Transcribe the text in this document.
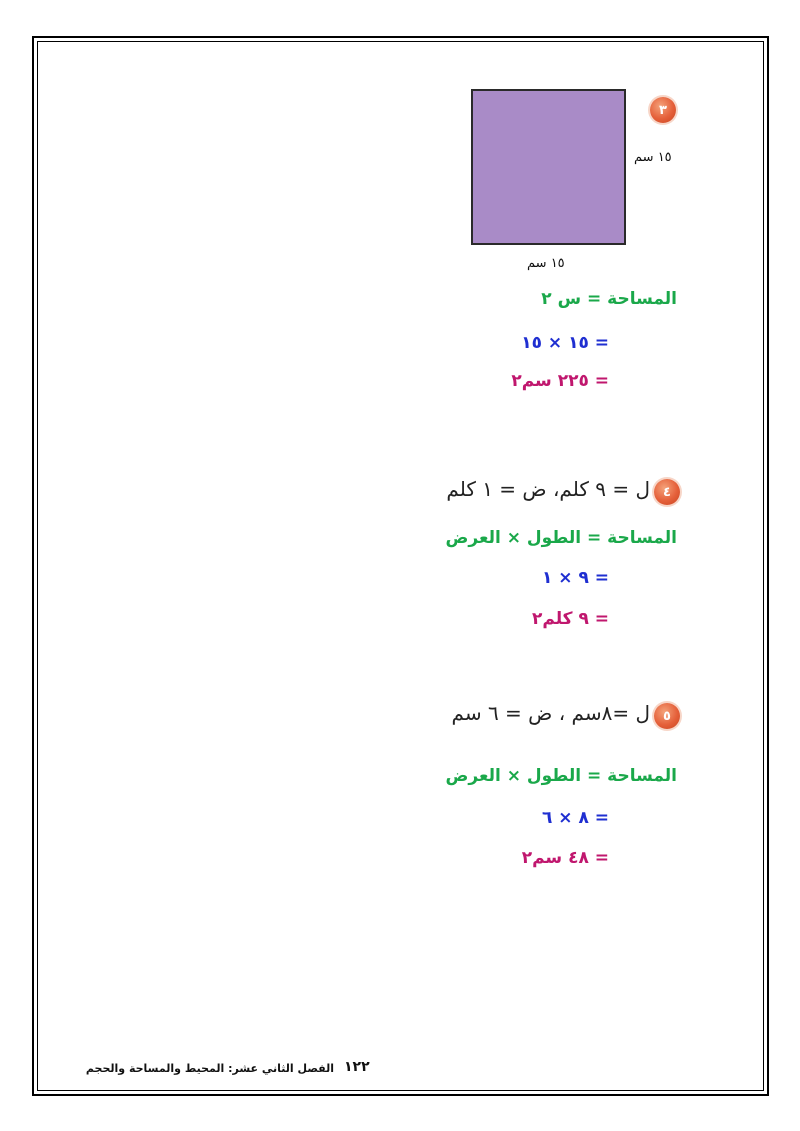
٣
١٥ سم
١٥ سم
المساحة = س ٢
= ١٥ × ١٥
= ٢٢٥ سم٢
٤
ل = ٩ كلم، ض = ١ كلم
المساحة = الطول × العرض
= ٩ × ١
= ٩ كلم٢
٥
ل =٨سم ، ض = ٦ سم
المساحة = الطول × العرض
= ٨ × ٦
= ٤٨ سم٢
١٢٢
الفصل الثاني عشر: المحيط والمساحة والحجم
